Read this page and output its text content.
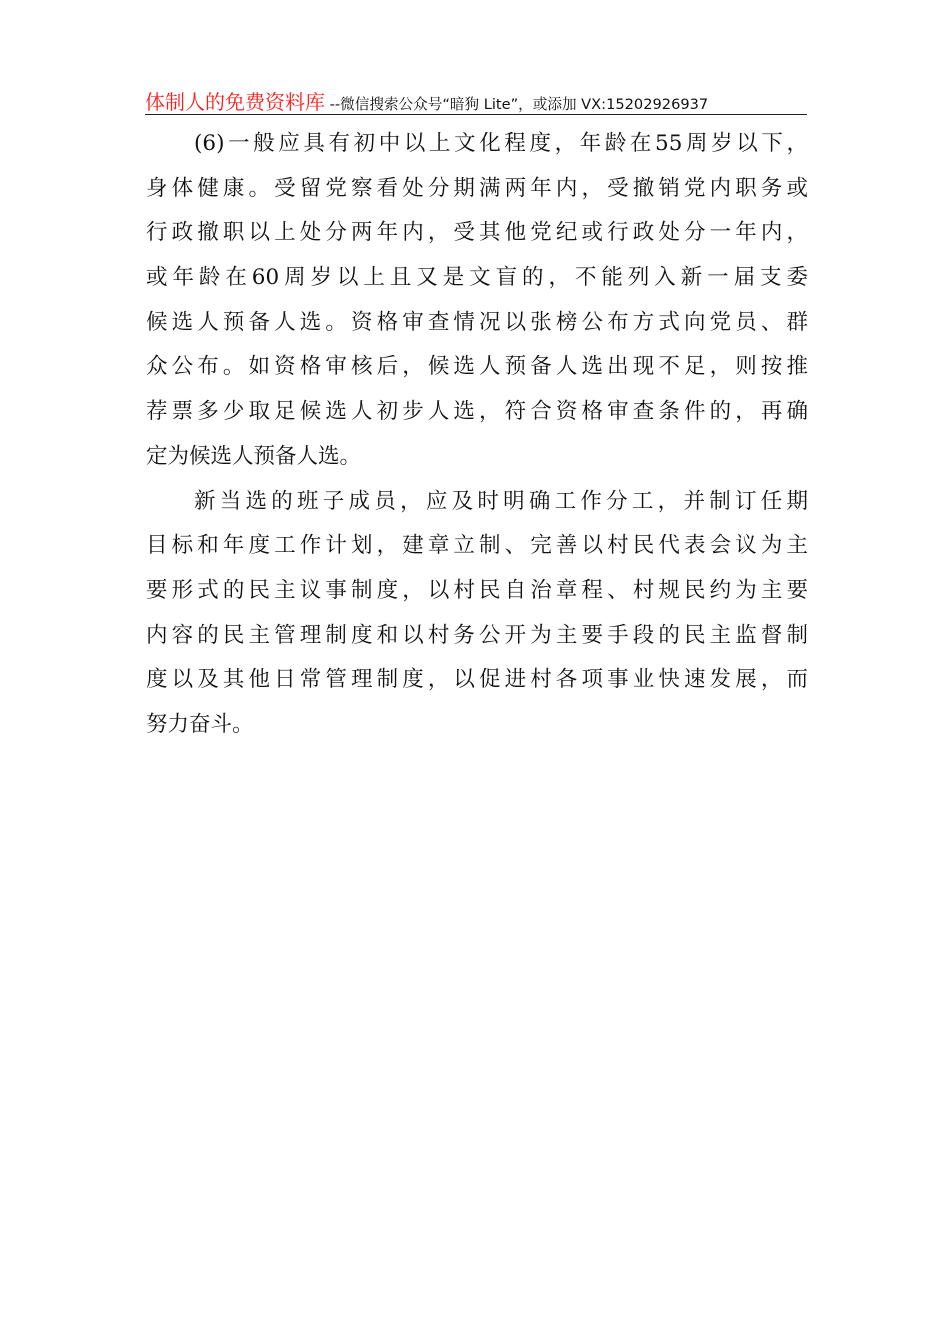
体制人的免费资料库 --微信搜索公众号“暗狗 Lite”，或添加 VX:15202926937
(6)一般应具有初中以上文化程度，年龄在55周岁以下，
身体健康。受留党察看处分期满两年内，受撤销党内职务或
行政撤职以上处分两年内，受其他党纪或行政处分一年内，
或年龄在60周岁以上且又是文盲的，不能列入新一届支委
候选人预备人选。资格审查情况以张榜公布方式向党员、群
众公布。如资格审核后，候选人预备人选出现不足，则按推
荐票多少取足候选人初步人选，符合资格审查条件的，再确
定为候选人预备人选。
新当选的班子成员，应及时明确工作分工，并制订任期
目标和年度工作计划，建章立制、完善以村民代表会议为主
要形式的民主议事制度，以村民自治章程、村规民约为主要
内容的民主管理制度和以村务公开为主要手段的民主监督制
度以及其他日常管理制度，以促进村各项事业快速发展，而
努力奋斗。
